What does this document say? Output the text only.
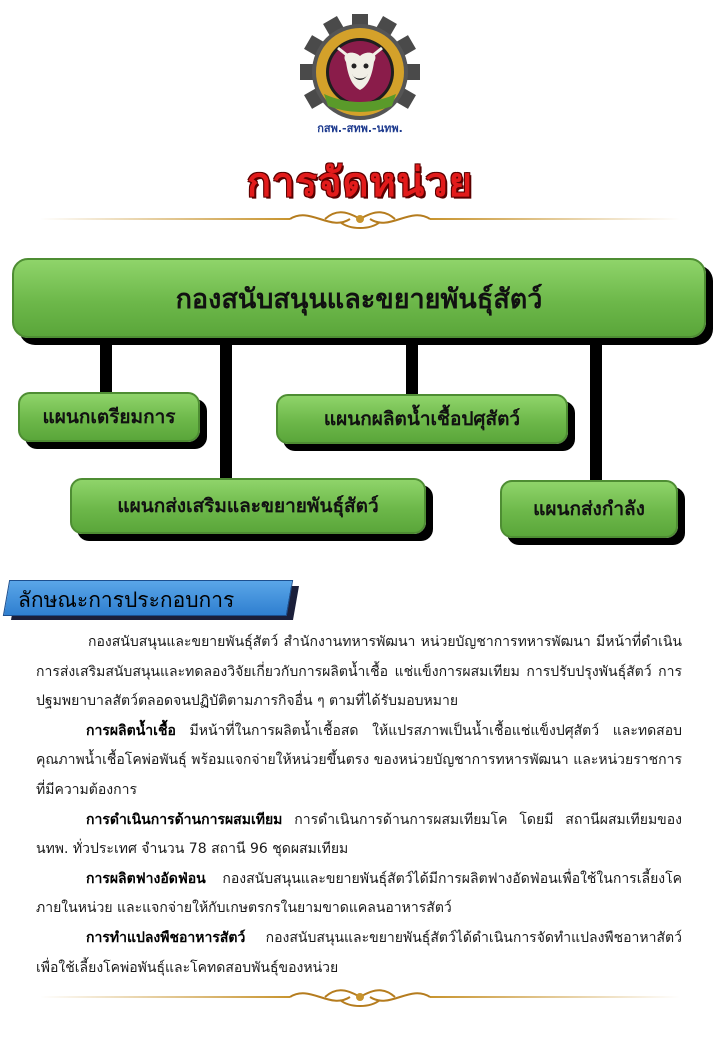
กสพ.-สทพ.-นทพ.
การจัดหน่วย
กองสนับสนุนและขยายพันธุ์สัตว์
แผนกเตรียมการ	แผนกผลิตน้ำเชื้อปศุสัตว์
แผนกส่งเสริมและขยายพันธุ์สัตว์	แผนกส่งกำลัง
ลักษณะการประกอบการ

กองสนับสนุนและขยายพันธุ์สัตว์ สำนักงานทหารพัฒนา หน่วยบัญชาการทหารพัฒนา มีหน้าที่ดำเนินการส่งเสริมสนับสนุนและทดลองวิจัยเกี่ยวกับการผลิตน้ำเชื้อ แช่แข็งการผสมเทียม การปรับปรุงพันธุ์สัตว์ การปฐมพยาบาลสัตว์ตลอดจนปฏิบัติตามภารกิจอื่น ๆ ตามที่ได้รับมอบหมาย

การผลิตน้ำเชื้อ มีหน้าที่ในการผลิตน้ำเชื้อสด ให้แปรสภาพเป็นน้ำเชื้อแช่แข็งปศุสัตว์ และทดสอบคุณภาพน้ำเชื้อโคพ่อพันธุ์ พร้อมแจกจ่ายให้หน่วยขึ้นตรง ของหน่วยบัญชาการทหารพัฒนา และหน่วยราชการที่มีความต้องการ

การดำเนินการด้านการผสมเทียม การดำเนินการด้านการผสมเทียมโค โดยมี สถานีผสมเทียมของ นทพ. ทั่วประเทศ จำนวน 78 สถานี 96 ชุดผสมเทียม

การผลิตฟางอัดฟ่อน กองสนับสนุนและขยายพันธุ์สัตว์ได้มีการผลิตฟางอัดฟ่อนเพื่อใช้ในการเลี้ยงโคภายในหน่วย และแจกจ่ายให้กับเกษตรกรในยามขาดแคลนอาหารสัตว์

การทำแปลงพืชอาหารสัตว์ กองสนับสนุนและขยายพันธุ์สัตว์ได้ดำเนินการจัดทำแปลงพืชอาหาสัตว์ เพื่อใช้เลี้ยงโคพ่อพันธุ์และโคทดสอบพันธุ์ของหน่วย
